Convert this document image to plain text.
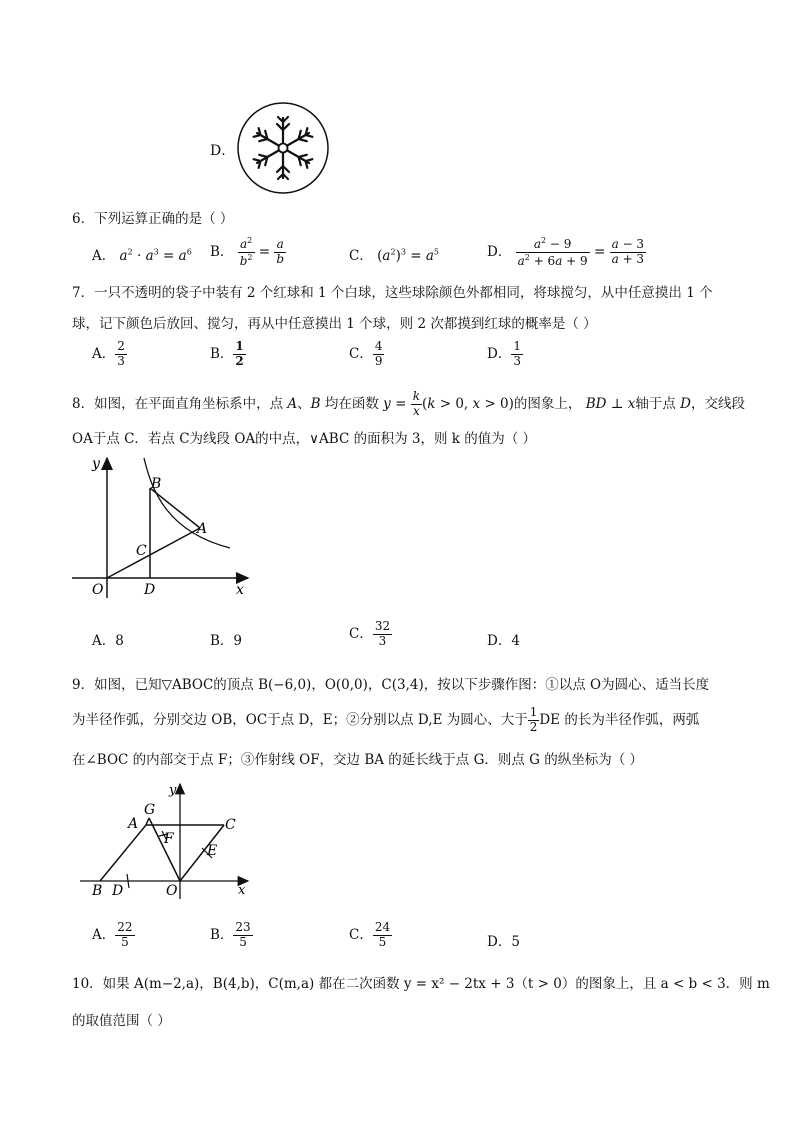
D．
6．下列运算正确的是（ ）
A． $a^2 \cdot a^3 = a^6$ B． $\frac{a^2}{b^2} = \frac{a}{b}$	C． $(a^2)^3 = a^5$	D． $\frac{a^2 - 9}{a^2 + 6a + 9} = \frac{a - 3}{a + 3}$
7．一只不透明的袋子中装有 2 个红球和 1 个白球，这些球除颜色外都相同，将球搅匀，从中任意摸出 1 个
球，记下颜色后放回、搅匀，再从中任意摸出 1 个球，则 2 次都摸到红球的概率是（ ）
A． $\frac{2}{3}$	B． $\frac{1}{2}$	C． $\frac{4}{9}$	D． $\frac{1}{3}$
8．如图，在平面直角坐标系中，点 A、B 均在函数 $y = \frac{k}{x} (k > 0$, x > 0)的图象上， BD ⊥ x轴于点 D，交线段
OA于点 C．若点 C为线段 OA的中点，∨ABC 的面积为 3，则 k 的值为（ ）
y
x
O
B
A
C
D
A．8	B．9	C． $\frac{32}{3}$	D．4
9．如图，已知▽ABOC的顶点 B(−6,0)，O(0,0)，C(3,4)，按以下步骤作图：①以点 O为圆心、适当长度
为半径作弧，分别交边 OB，OC于点 D，E；②分别以点 D,E 为圆心、大于 $\frac{1}{2}$ DE 的长为半径作弧，两弧
在∠BOC 的内部交于点 F；③作射线 OF，交边 BA 的延长线于点 G．则点 G 的纵坐标为（ ）
y
x
G
A	C
F
E
B D	O
A． $\frac{22}{5}$	B． $\frac{23}{5}$	C． $\frac{24}{5}$	D．5
10．如果 A(m−2,a)，B(4,b)，C(m,a) 都在二次函数 y = x² − 2tx + 3（t > 0）的图象上，且 a < b < 3．则 m
的取值范围（ ）
